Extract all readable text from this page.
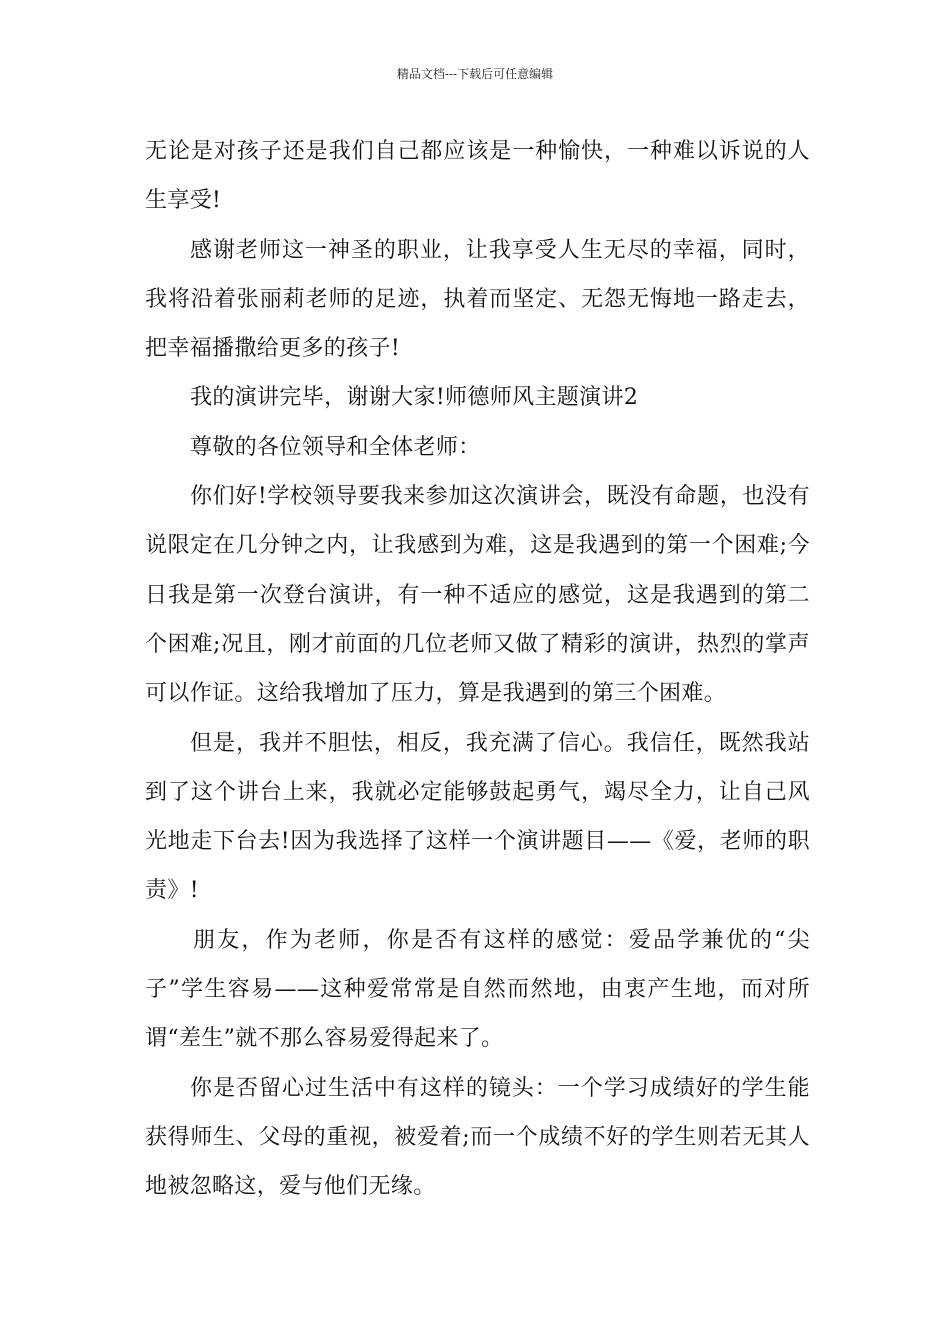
精品文档---下载后可任意编辑

无论是对孩子还是我们自己都应该是一种愉快，一种难以诉说的人生享受!

感谢老师这一神圣的职业，让我享受人生无尽的幸福，同时，我将沿着张丽莉老师的足迹，执着而坚定、无怨无悔地一路走去，把幸福播撒给更多的孩子!

我的演讲完毕，谢谢大家!师德师风主题演讲2

尊敬的各位领导和全体老师：

你们好!学校领导要我来参加这次演讲会，既没有命题，也没有说限定在几分钟之内，让我感到为难，这是我遇到的第一个困难;今日我是第一次登台演讲，有一种不适应的感觉，这是我遇到的第二个困难;况且，刚才前面的几位老师又做了精彩的演讲，热烈的掌声可以作证。这给我增加了压力，算是我遇到的第三个困难。

但是，我并不胆怯，相反，我充满了信心。我信任，既然我站到了这个讲台上来，我就必定能够鼓起勇气，竭尽全力，让自己风光地走下台去!因为我选择了这样一个演讲题目——《爱，老师的职责》!

朋友，作为老师，你是否有这样的感觉：爱品学兼优的“尖子”学生容易——这种爱常常是自然而然地，由衷产生地，而对所谓“差生”就不那么容易爱得起来了。

你是否留心过生活中有这样的镜头：一个学习成绩好的学生能获得师生、父母的重视，被爱着;而一个成绩不好的学生则若无其人地被忽略这，爱与他们无缘。
